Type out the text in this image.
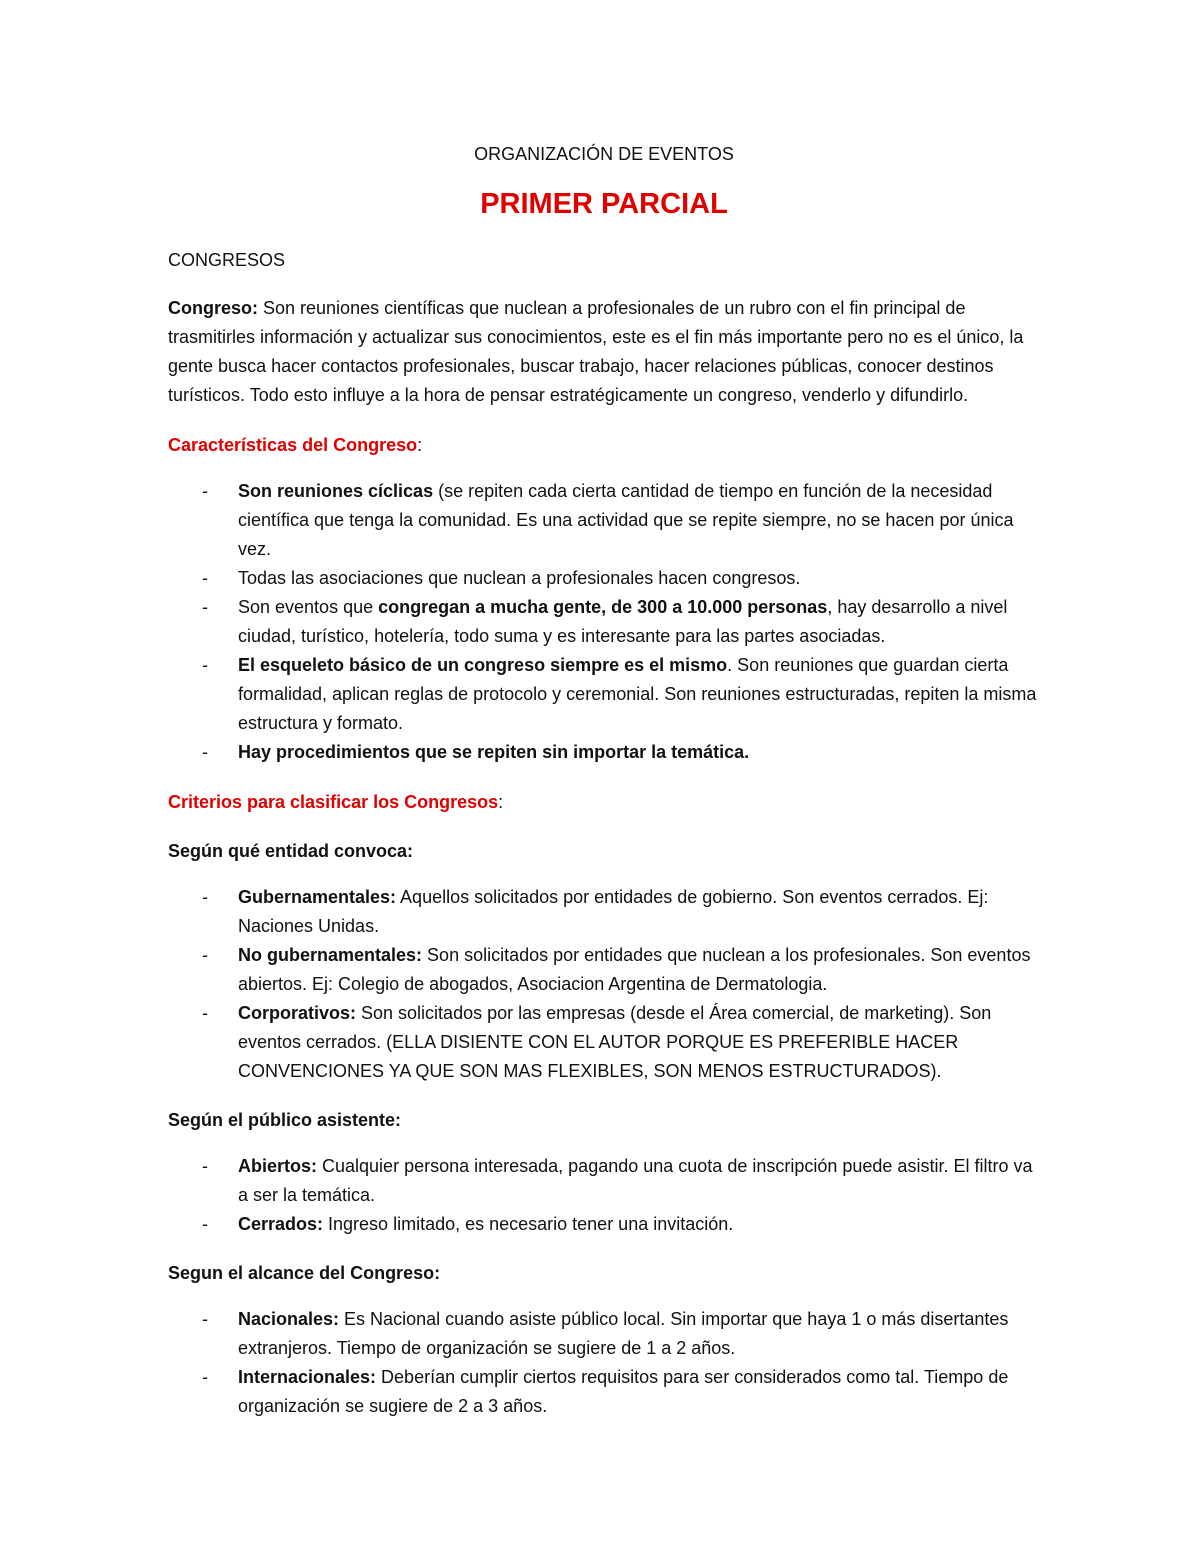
ORGANIZACIÓN DE EVENTOS

PRIMER PARCIAL

CONGRESOS

Congreso: Son reuniones científicas que nuclean a profesionales de un rubro con el fin principal de trasmitirles información y actualizar sus conocimientos, este es el fin más importante pero no es el único, la gente busca hacer contactos profesionales, buscar trabajo, hacer relaciones públicas, conocer destinos turísticos. Todo esto influye a la hora de pensar estratégicamente un congreso, venderlo y difundirlo.

Características del Congreso:

-	Son reuniones cíclicas (se repiten cada cierta cantidad de tiempo en función de la necesidad científica que tenga la comunidad. Es una actividad que se repite siempre, no se hacen por única vez.
-	Todas las asociaciones que nuclean a profesionales hacen congresos.
-	Son eventos que congregan a mucha gente, de 300 a 10.000 personas, hay desarrollo a nivel ciudad, turístico, hotelería, todo suma y es interesante para las partes asociadas.
-	El esqueleto básico de un congreso siempre es el mismo. Son reuniones que guardan cierta formalidad, aplican reglas de protocolo y ceremonial. Son reuniones estructuradas, repiten la misma estructura y formato.
-	Hay procedimientos que se repiten sin importar la temática.

Criterios para clasificar los Congresos:

Según qué entidad convoca:

-	Gubernamentales: Aquellos solicitados por entidades de gobierno. Son eventos cerrados. Ej: Naciones Unidas.
-	No gubernamentales: Son solicitados por entidades que nuclean a los profesionales. Son eventos abiertos. Ej: Colegio de abogados, Asociacion Argentina de Dermatologia.
-	Corporativos: Son solicitados por las empresas (desde el Área comercial, de marketing). Son eventos cerrados. (ELLA DISIENTE CON EL AUTOR PORQUE ES PREFERIBLE HACER CONVENCIONES YA QUE SON MAS FLEXIBLES, SON MENOS ESTRUCTURADOS).

Según el público asistente:

-	Abiertos: Cualquier persona interesada, pagando una cuota de inscripción puede asistir. El filtro va a ser la temática.
-	Cerrados: Ingreso limitado, es necesario tener una invitación.

Segun el alcance del Congreso:

-	Nacionales: Es Nacional cuando asiste público local. Sin importar que haya 1 o más disertantes extranjeros. Tiempo de organización se sugiere de 1 a 2 años.
-	Internacionales: Deberían cumplir ciertos requisitos para ser considerados como tal. Tiempo de organización se sugiere de 2 a 3 años.
